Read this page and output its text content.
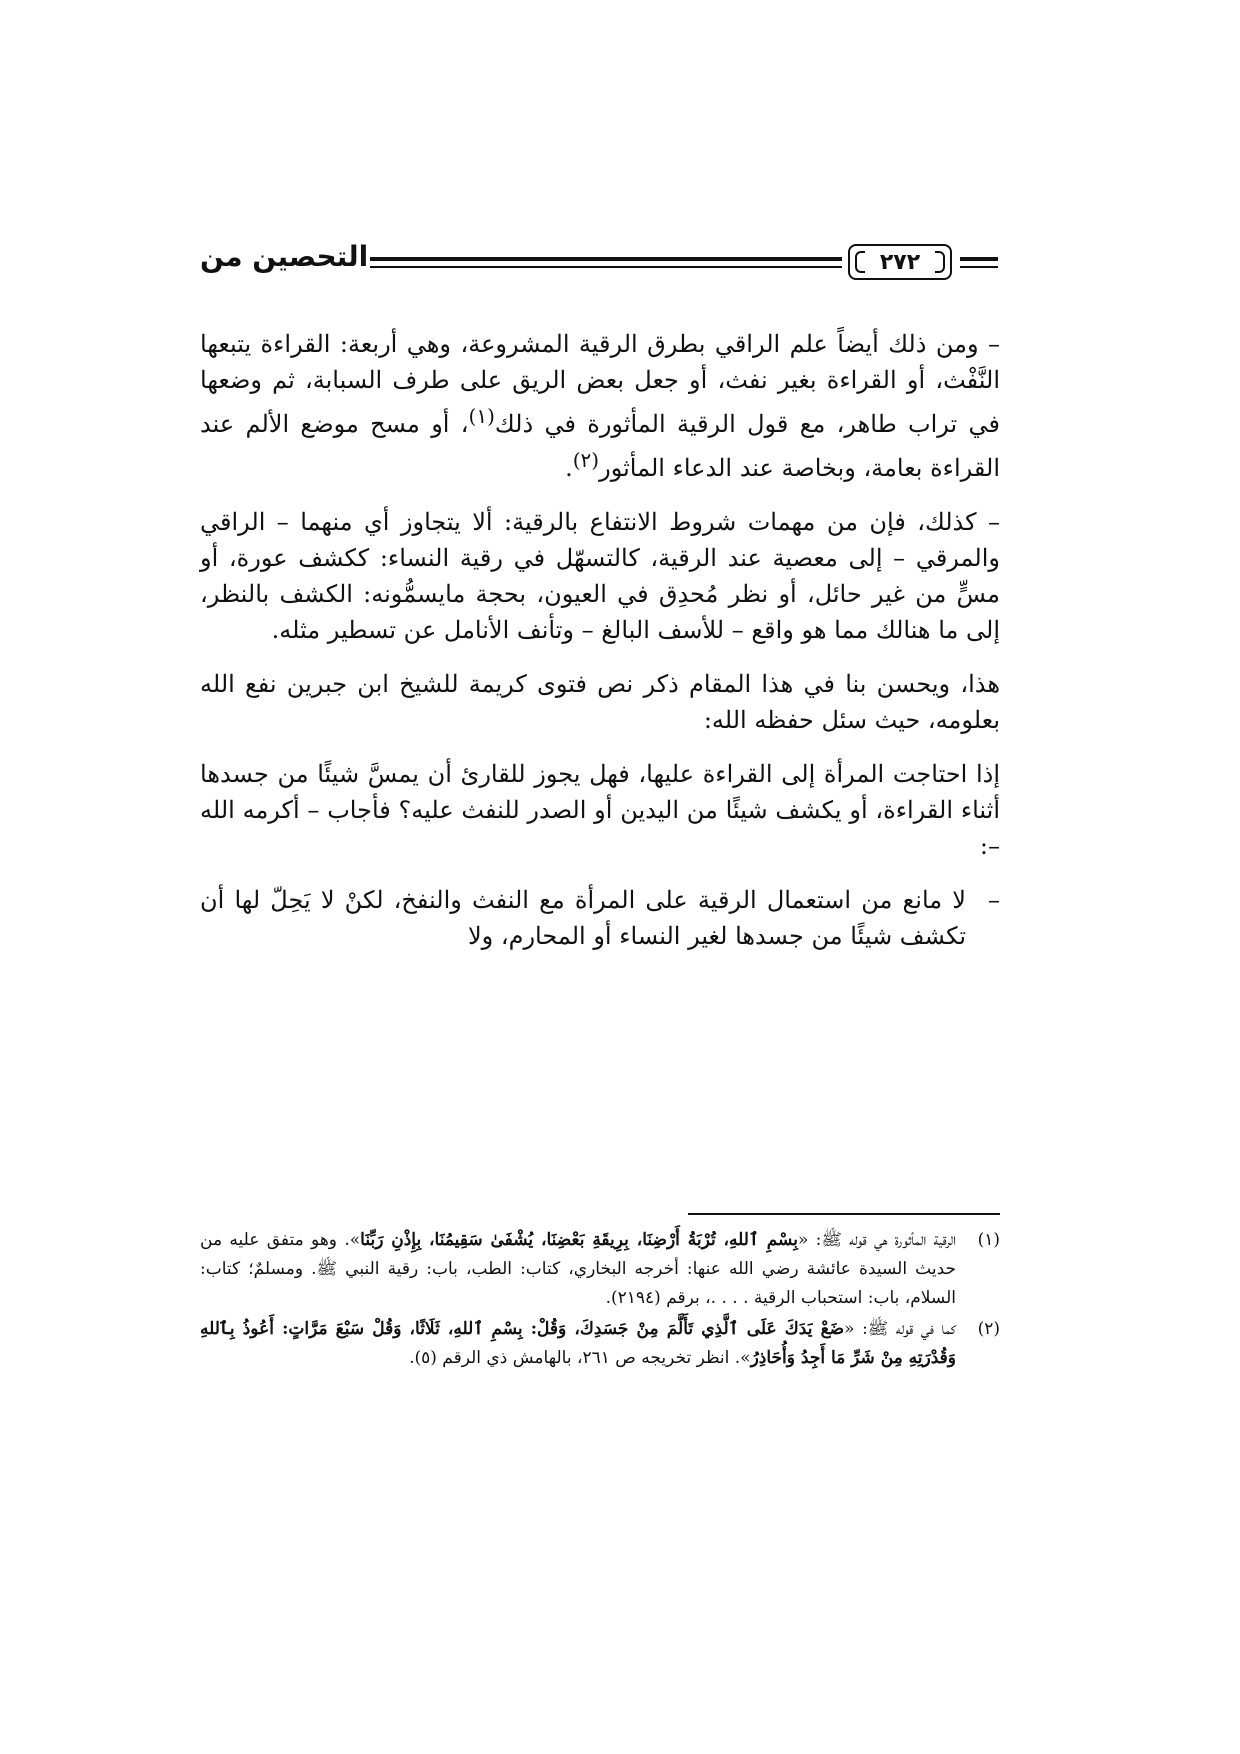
التحصين من	٢٧٢

– ومن ذلك أيضاً علم الراقي بطرق الرقية المشروعة، وهي أربعة: القراءة يتبعها النَّفْث، أو القراءة بغير نفث، أو جعل بعض الريق على طرف السبابة، ثم وضعها في تراب طاهر، مع قول الرقية المأثورة في ذلك$^{(١)}$، أو مسح موضع الألم عند القراءة بعامة، وبخاصة عند الدعاء المأثور$^{(٢)}$.

– كذلك، فإن من مهمات شروط الانتفاع بالرقية: ألا يتجاوز أي منهما – الراقي والمرقي – إلى معصية عند الرقية، كالتسهّل في رقية النساء: ككشف عورة، أو مسٍّ من غير حائل، أو نظر مُحدِق في العيون، بحجة مايسمُّونه: الكشف بالنظر، إلى ما هنالك مما هو واقع – للأسف البالغ – وتأنف الأنامل عن تسطير مثله.

هذا، ويحسن بنا في هذا المقام ذكر نص فتوى كريمة للشيخ ابن جبرين نفع الله بعلومه، حيث سئل حفظه الله:

إذا احتاجت المرأة إلى القراءة عليها، فهل يجوز للقارئ أن يمسَّ شيئًا من جسدها أثناء القراءة، أو يكشف شيئًا من اليدين أو الصدر للنفث عليه؟ فأجاب – أكرمه الله –:

–
لا مانع من استعمال الرقية على المرأة مع النفث والنفخ، لكنْ لا يَحِلّ لها أن تكشف شيئًا من جسدها لغير النساء أو المحارم، ولا

(١)
الرقية المأثورة هي قوله ﷺ: «بِسْمِ ٱللهِ، تُرْبَةُ أَرْضِنَا، بِرِيقَةِ بَعْضِنَا، يُشْفَىٰ سَقِيمُنَا، بِإِذْنِ رَبِّنَا». وهو متفق عليه من حديث السيدة عائشة رضي الله عنها: أخرجه البخاري، كتاب: الطب، باب: رقية النبي ﷺ. ومسلمٌ؛ كتاب: السلام، باب: استحباب الرقية . . . .، برقم (٢١٩٤).
(٢)
كما في قوله ﷺ: «ضَعْ يَدَكَ عَلَى ٱلَّذِي تَأَلَّمَ مِنْ جَسَدِكَ، وَقُلْ: بِسْمِ ٱللهِ، ثَلَاثًا، وَقُلْ سَبْعَ مَرَّاتٍ: أَعُوذُ بِٱللهِ وَقُدْرَتِهِ مِنْ شَرِّ مَا أَجِدُ وَأُحَاذِرُ». انظر تخريجه ص ٢٦١، بالهامش ذي الرقم (٥).
